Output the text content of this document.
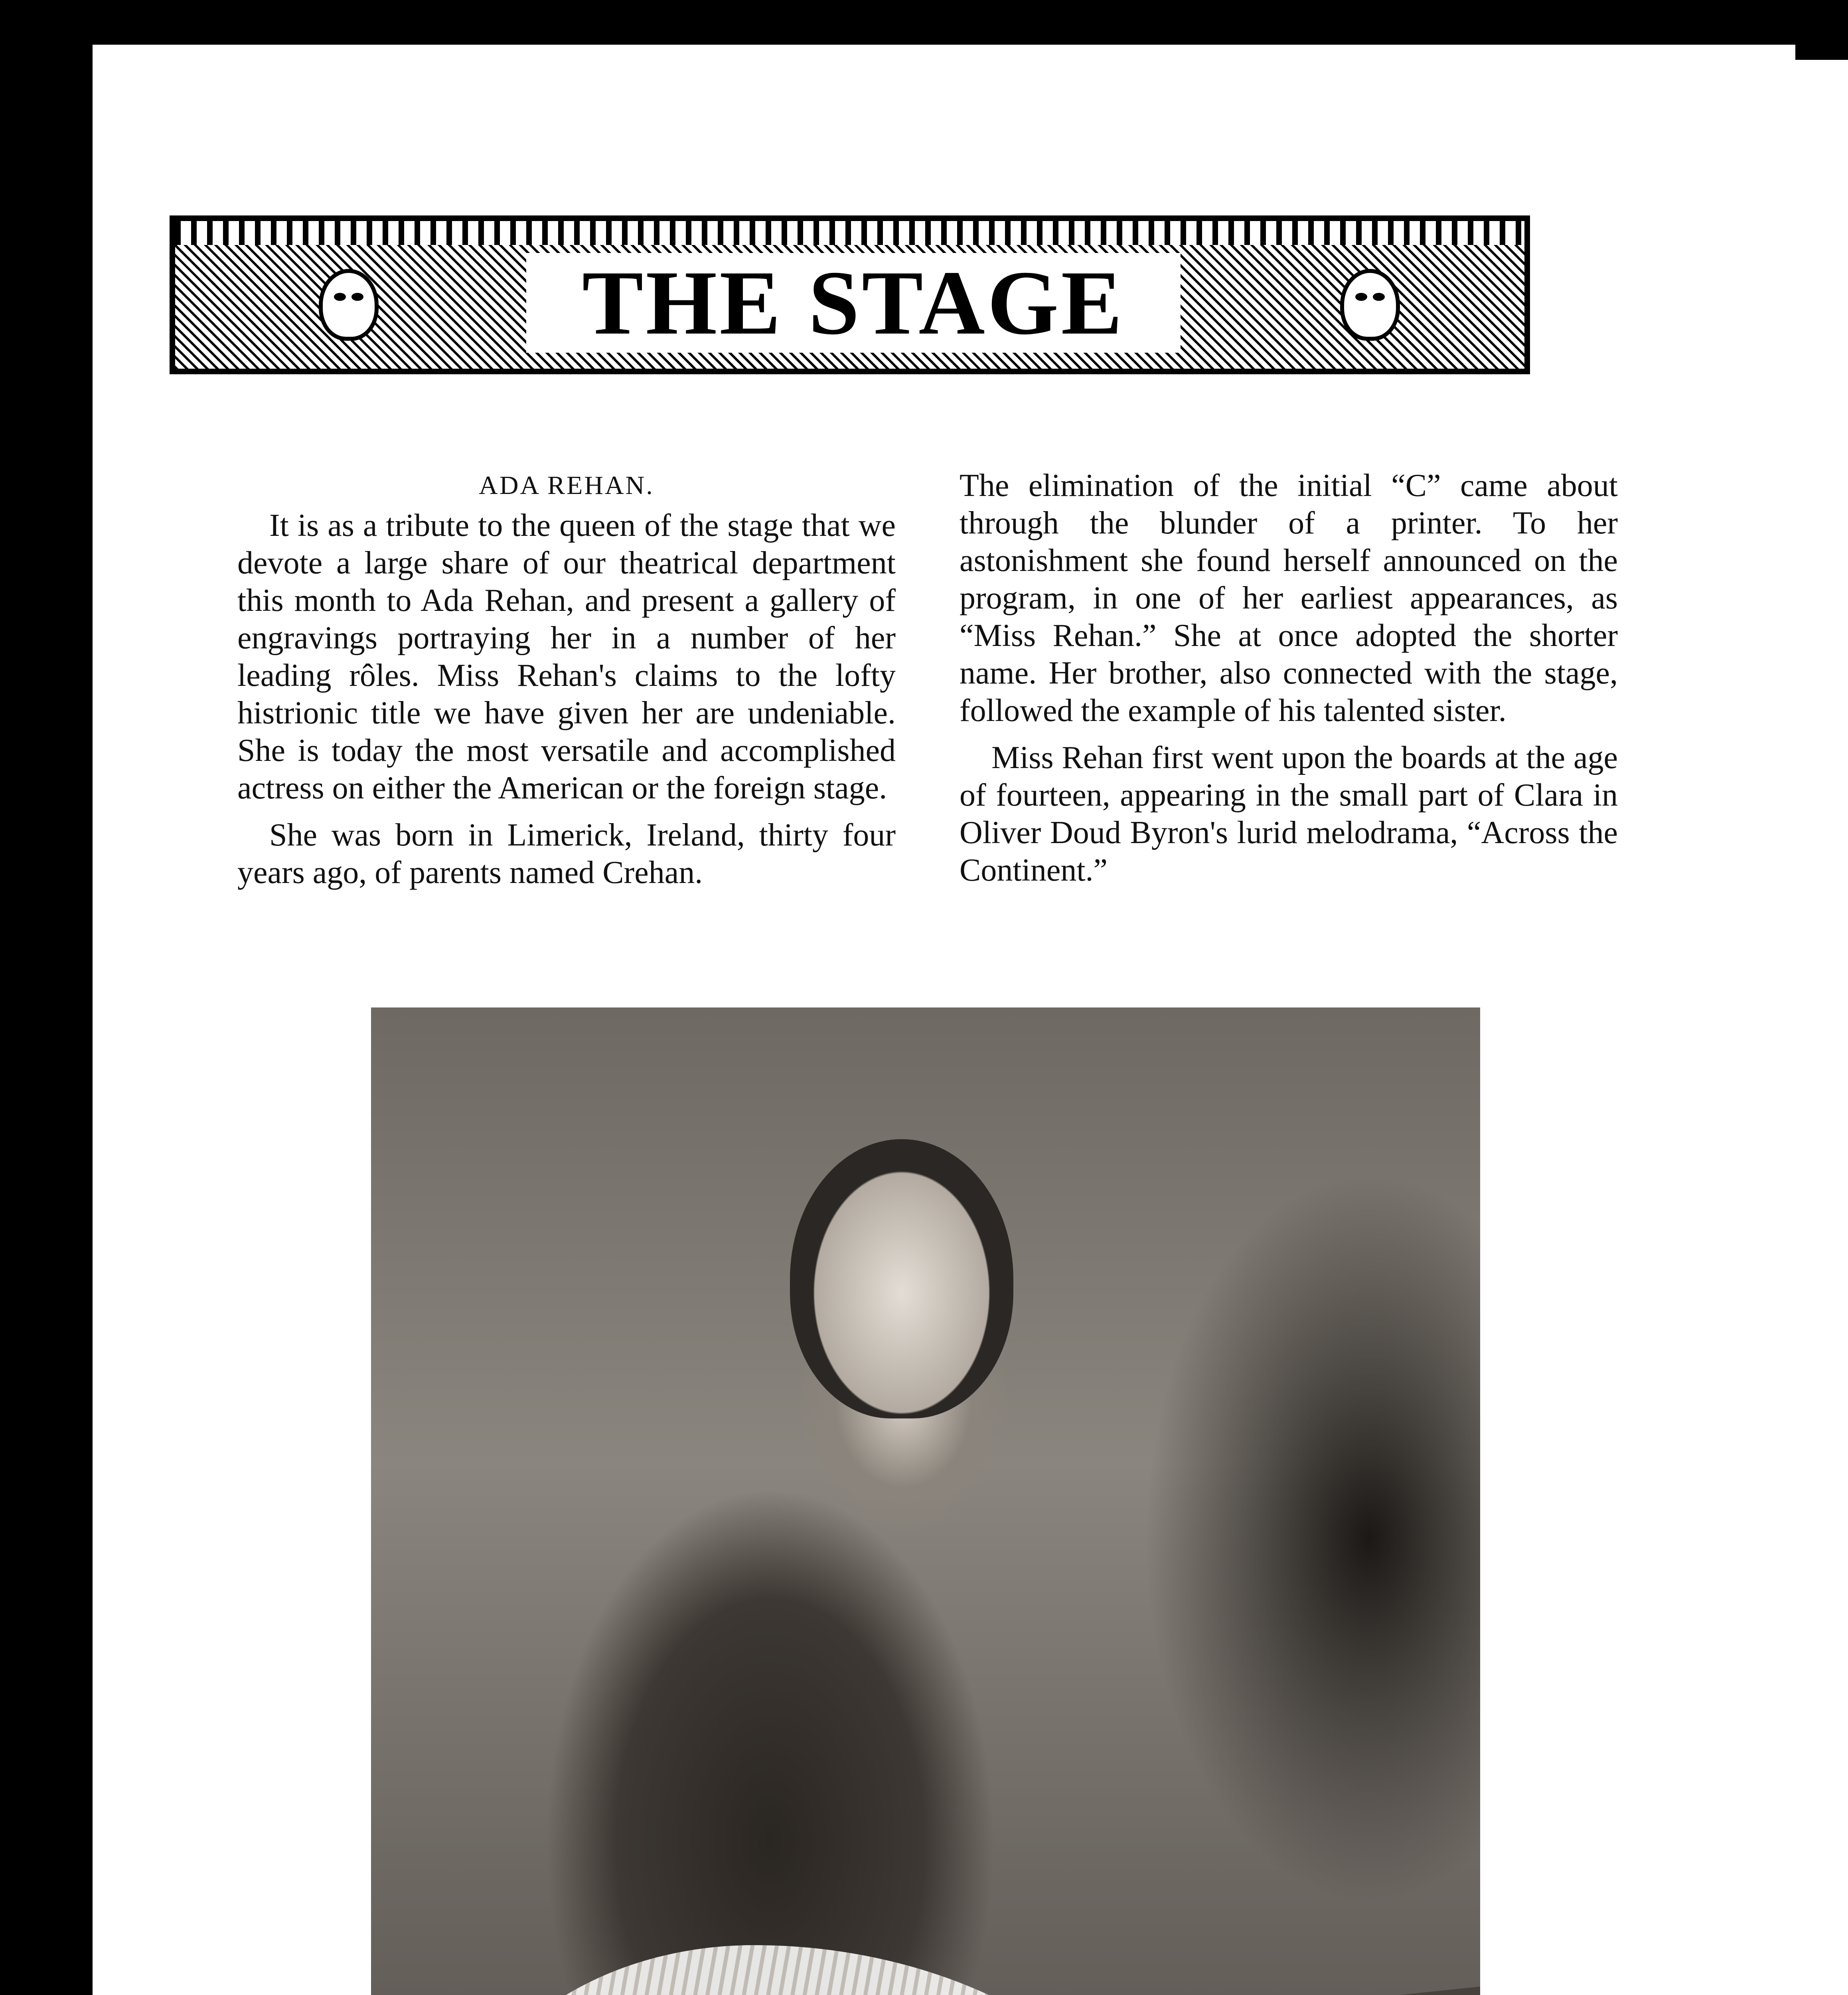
THE STAGE
ADA REHAN.

It is as a tribute to the queen of the stage that we devote a large share of our theatrical department this month to Ada Rehan, and present a gallery of engravings portraying her in a number of her leading rôles. Miss Rehan's claims to the lofty histrionic title we have given her are undeniable. She is today the most versatile and accomplished actress on either the American or the foreign stage.

She was born in Limerick, Ireland, thirty four years ago, of parents named Crehan.

The elimination of the initial “C” came about through the blunder of a printer. To her astonishment she found herself announced on the program, in one of her earliest appearances, as “Miss Rehan.” She at once adopted the shorter name. Her brother, also connected with the stage, followed the example of his talented sister.

Miss Rehan first went upon the boards at the age of fourteen, appearing in the small part of Clara in Oliver Doud Byron's lurid melodrama, “Across the Continent.”
